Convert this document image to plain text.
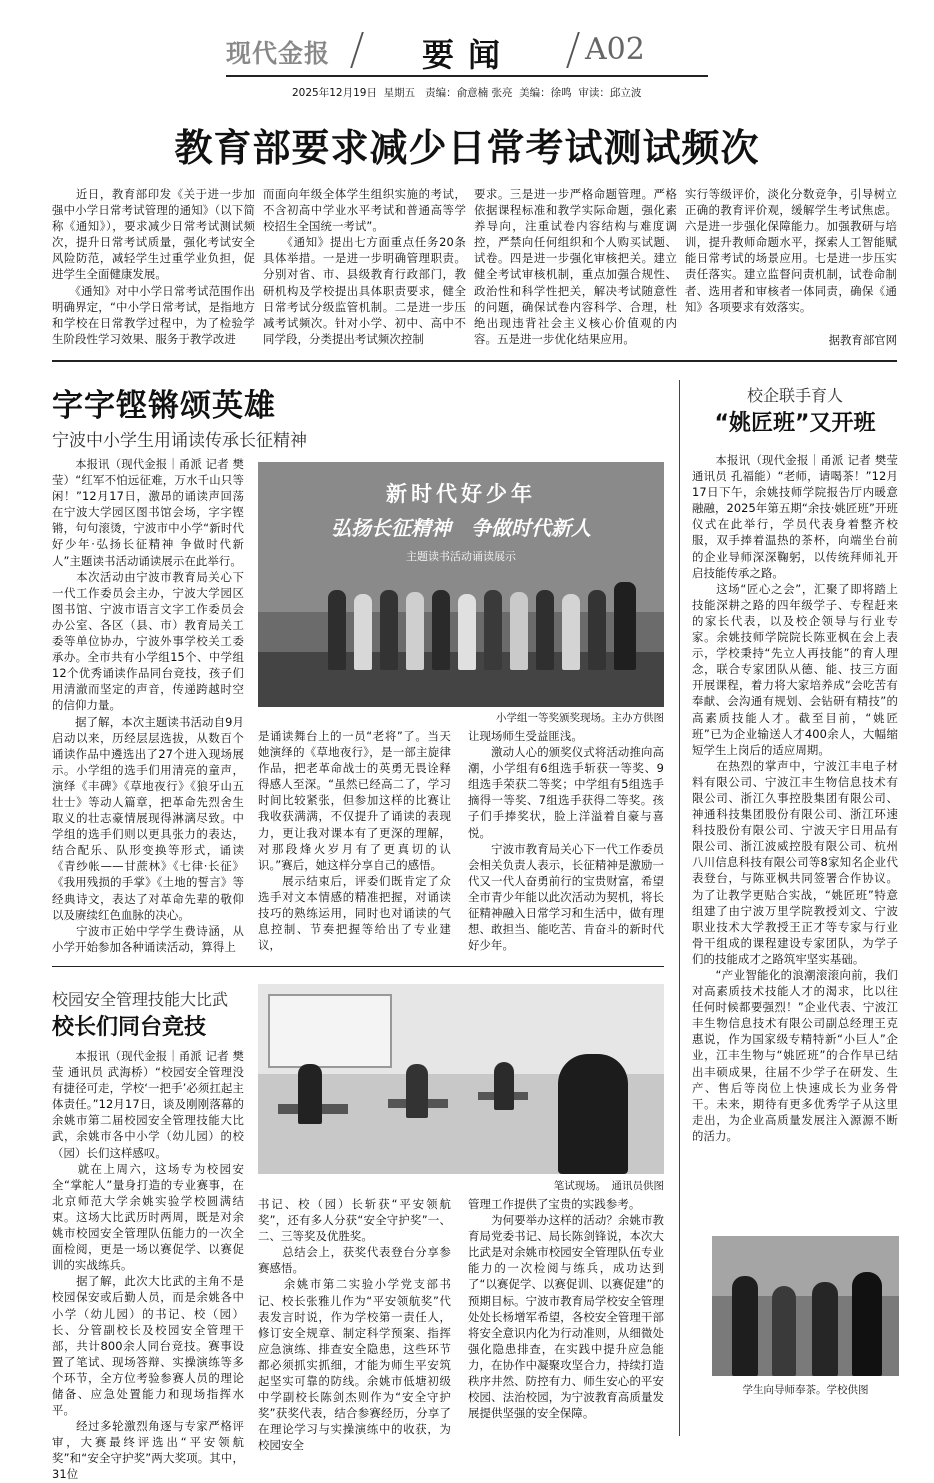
现代金报	要闻 A02
2025年12月19日  星期五   责编：俞意楠 张亮  美编：徐鸣  审读：邱立波
教育部要求减少日常考试测试频次

　　近日，教育部印发《关于进一步加强中小学日常考试管理的通知》（以下简称《通知》），要求减少日常考试测试频次，提升日常考试质量，强化考试安全风险防范，减轻学生过重学业负担，促进学生全面健康发展。
　　《通知》对中小学日常考试范围作出明确界定，“中小学日常考试，是指地方和学校在日常教学过程中，为了检验学生阶段性学习效果、服务于教学改进

而面向年级全体学生组织实施的考试，不含初高中学业水平考试和普通高等学校招生全国统一考试”。
　　《通知》提出七方面重点任务20条具体举措。一是进一步明确管理职责。分别对省、市、县级教育行政部门，教研机构及学校提出具体职责要求，健全日常考试分级监管机制。二是进一步压减考试频次。针对小学、初中、高中不同学段，分类提出考试频次控制

要求。三是进一步严格命题管理。严格依据课程标准和教学实际命题，强化素养导向，注重试卷内容结构与难度调控，严禁向任何组织和个人购买试题、试卷。四是进一步强化审核把关。建立健全考试审核机制，重点加强合规性、政治性和科学性把关，解决考试随意性的问题，确保试卷内容科学、合理，杜绝出现违背社会主义核心价值观的内容。五是进一步优化结果应用。

实行等级评价，淡化分数竞争，引导树立正确的教育评价观，缓解学生考试焦虑。六是进一步强化保障能力。加强教研与培训，提升教师命题水平，探索人工智能赋能日常考试的场景应用。七是进一步压实责任落实。建立监督问责机制，试卷命制者、选用者和审核者一体同责，确保《通知》各项要求有效落实。

据教育部官网
字字铿锵颂英雄
宁波中小学生用诵读传承长征精神

　　本报讯（现代金报｜甬派 记者 樊莹）“红军不怕远征难，万水千山只等闲！”12月17日，激昂的诵读声回荡在宁波大学园区图书馆会场，字字铿锵，句句滚烫，宁波市中小学“新时代好少年·弘扬长征精神 争做时代新人”主题读书活动诵读展示在此举行。
　　本次活动由宁波市教育局关心下一代工作委员会主办，宁波大学园区图书馆、宁波市语言文字工作委员会办公室、各区（县、市）教育局关工委等单位协办，宁波外事学校关工委承办。全市共有小学组15个、中学组12个优秀诵读作品同台竞技，孩子们用清澈而坚定的声音，传递跨越时空的信仰力量。
　　据了解，本次主题读书活动自9月启动以来，历经层层选拔，从数百个诵读作品中遴选出了27个进入现场展示。小学组的选手们用清亮的童声，演绎《丰碑》《草地夜行》《狼牙山五壮士》等动人篇章，把革命先烈舍生取义的壮志豪情展现得淋漓尽致。中学组的选手们则以更具张力的表达，结合配乐、队形变换等形式，诵读《青纱帐——甘蔗林》《七律·长征》《我用残损的手掌》《土地的誓言》等经典诗文，表达了对革命先辈的敬仰以及赓续红色血脉的决心。
　　宁波市正始中学学生费诗涵，从小学开始参加各种诵读活动，算得上

新时代好少年
弘扬长征精神　争做时代新人
主题读书活动诵读展示
小学组一等奖颁奖现场。主办方供图

是诵读舞台上的一员“老将”了。当天她演绎的《草地夜行》，是一部主旋律作品，把老革命战士的英勇无畏诠释得感人至深。“虽然已经高二了，学习时间比较紧张，但参加这样的比赛让我收获满满，不仅提升了诵读的表现力，更让我对课本有了更深的理解，对那段烽火岁月有了更真切的认识。”赛后，她这样分享自己的感悟。
　　展示结束后，评委们既肯定了众选手对文本情感的精准把握，对诵读技巧的熟练运用，同时也对诵读的气息控制、节奏把握等给出了专业建议，

让现场师生受益匪浅。
　　激动人心的颁奖仪式将活动推向高潮，小学组有6组选手斩获一等奖、9组选手荣获二等奖；中学组有5组选手摘得一等奖、7组选手获得二等奖。孩子们手捧奖状，脸上洋溢着自豪与喜悦。
　　宁波市教育局关心下一代工作委员会相关负责人表示，长征精神是激励一代又一代人奋勇前行的宝贵财富，希望全市青少年能以此次活动为契机，将长征精神融入日常学习和生活中，做有理想、敢担当、能吃苦、肯奋斗的新时代好少年。

校园安全管理技能大比武
校长们同台竞技

　　本报讯（现代金报｜甬派 记者 樊莹 通讯员 武海桥）“校园安全管理没有捷径可走，学校‘一把手’必须扛起主体责任。”12月17日，谈及刚刚落幕的余姚市第二届校园安全管理技能大比武，余姚市各中小学（幼儿园）的校（园）长们这样感叹。
　　就在上周六，这场专为校园安全“掌舵人”量身打造的专业赛事，在北京师范大学余姚实验学校圆满结束。这场大比武历时两周，既是对余姚市校园安全管理队伍能力的一次全面检阅，更是一场以赛促学、以赛促训的实战练兵。
　　据了解，此次大比武的主角不是校园保安或后勤人员，而是余姚各中小学（幼儿园）的书记、校（园）长、分管副校长及校园安全管理干部，共计800余人同台竞技。赛事设置了笔试、现场答辩、实操演练等多个环节，全方位考验参赛人员的理论储备、应急处置能力和现场指挥水平。
　　经过多轮激烈角逐与专家严格评审，大赛最终评选出“平安领航奖”和“安全守护奖”两大奖项。其中，31位

笔试现场。　通讯员供图

书记、校（园）长斩获“平安领航奖”，还有多人分获“安全守护奖”一、二、三等奖及优胜奖。
　　总结会上，获奖代表登台分享参赛感悟。
　　余姚市第二实验小学党支部书记、校长张雅儿作为“平安领航奖”代表发言时说，作为学校第一责任人，修订安全规章、制定科学预案、指挥应急演练、排查安全隐患，这些环节都必须抓实抓细，才能为师生平安筑起坚实可靠的防线。余姚市低塘初级中学副校长陈剑杰则作为“安全守护奖”获奖代表，结合参赛经历，分享了在理论学习与实操演练中的收获，为校园安全

管理工作提供了宝贵的实践参考。
　　为何要举办这样的活动？余姚市教育局党委书记、局长陈剑锋说，本次大比武是对余姚市校园安全管理队伍专业能力的一次检阅与练兵，成功达到了“以赛促学、以赛促训、以赛促建”的预期目标。宁波市教育局学校安全管理处处长杨增军希望，各校安全管理干部将安全意识内化为行动准则，从细微处强化隐患排查，在实践中提升应急能力，在协作中凝聚攻坚合力，持续打造秩序井然、防控有力、师生安心的平安校园、法治校园，为宁波教育高质量发展提供坚强的安全保障。

校企联手育人
“姚匠班”又开班

　　本报讯（现代金报｜甬派 记者 樊莹 通讯员 孔福能）“老师，请喝茶！”12月17日下午，余姚技师学院报告厅内暖意融融，2025年第五期“余技·姚匠班”开班仪式在此举行，学员代表身着整齐校服，双手捧着温热的茶杯，向端坐台前的企业导师深深鞠躬，以传统拜师礼开启技能传承之路。
　　这场“匠心之会”，汇聚了即将踏上技能深耕之路的四年级学子、专程赶来的家长代表，以及校企领导与行业专家。余姚技师学院院长陈亚枫在会上表示，学校秉持“先立人再技能”的育人理念，联合专家团队从德、能、技三方面开展课程，着力将大家培养成“会吃苦有奉献、会沟通有规划、会钻研有精技”的高素质技能人才。截至目前，“姚匠班”已为企业输送人才400余人，大幅缩短学生上岗后的适应周期。
　　在热烈的掌声中，宁波江丰电子材料有限公司、宁波江丰生物信息技术有限公司、浙江久事控股集团有限公司、神通科技集团股份有限公司、浙江环速科技股份有限公司、宁波天宇日用品有限公司、浙江波威控股有限公司、杭州八川信息科技有限公司等8家知名企业代表登台，与陈亚枫共同签署合作协议。为了让教学更贴合实战，“姚匠班”特意组建了由宁波万里学院教授刘文、宁波职业技术大学教授王正才等专家与行业骨干组成的课程建设专家团队，为学子们的技能成才之路筑牢坚实基础。
　　“产业智能化的浪潮滚滚向前，我们对高素质技术技能人才的渴求，比以往任何时候都要强烈！”企业代表、宁波江丰生物信息技术有限公司副总经理王克惠说，作为国家级专精特新“小巨人”企业，江丰生物与“姚匠班”的合作早已结出丰硕成果，往届不少学子在研发、生产、售后等岗位上快速成长为业务骨干。未来，期待有更多优秀学子从这里走出，为企业高质量发展注入源源不断的活力。

学生向导师奉茶。学校供图
